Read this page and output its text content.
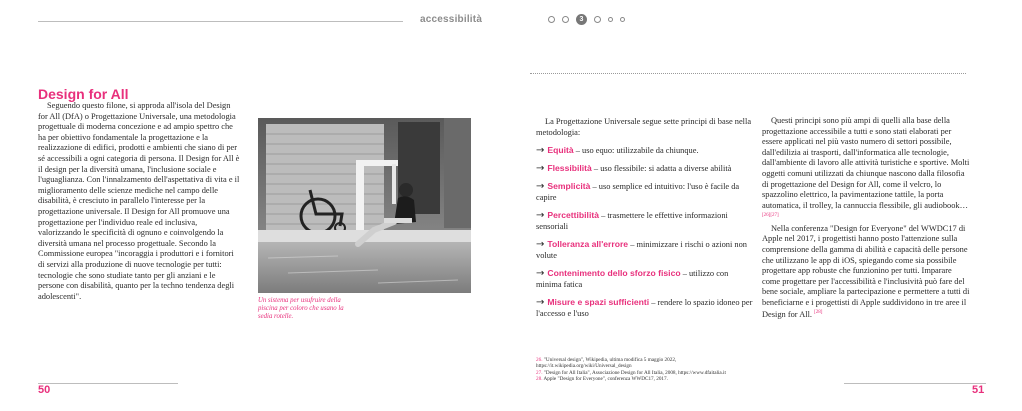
accessibilità	3
Design for All
Seguendo questo filone, si approda all'isola del Design for All (DfA) o Progettazione Universale, una metodologia progettuale di moderna concezione e ad ampio spettro che ha per obiettivo fondamentale la progettazione e la realizzazione di edifici, prodotti e ambienti che siano di per sé accessibili a ogni categoria di persona. Il Design for All è il design per la diversità umana, l'inclusione sociale e l'uguaglianza. Con l'innalzamento dell'aspettativa di vita e il miglioramento delle scienze mediche nel campo delle disabilità, è cresciuto in parallelo l'interesse per la progettazione universale. Il Design for All promuove una progettazione per l'individuo reale ed inclusiva, valorizzando le specificità di ognuno e coinvolgendo la diversità umana nel processo progettuale. Secondo la Commissione europea "incoraggia i produttori e i fornitori di servizi alla produzione di nuove tecnologie per tutti: tecnologie che sono studiate tanto per gli anziani e le persone con disabilità, quanto per la techno tendenza degli adolescenti".	Un sistema per usufruire della piscina per coloro che usano la sedia rotelle.
50

La Progettazione Universale segue sette principi di base nella metodologia:

→ Equità – uso equo: utilizzabile da chiunque.

→ Flessibilità – uso flessibile: si adatta a diverse abilità

→ Semplicità – uso semplice ed intuitivo: l'uso è facile da capire

→ Percettibilità – trasmettere le effettive informazioni sensoriali

→ Tolleranza all'errore – minimizzare i rischi o azioni non volute

→ Contenimento dello sforzo fisico – utilizzo con minima fatica

→ Misure e spazi sufficienti – rendere lo spazio idoneo per l'accesso e l'uso

Questi principi sono più ampi di quelli alla base della progettazione accessibile a tutti e sono stati elaborati per essere applicati nel più vasto numero di settori possibile, dall'edilizia ai trasporti, dall'informatica alle tecnologie, dall'ambiente di lavoro alle attività turistiche e sportive. Molti oggetti comuni utilizzati da chiunque nascono dalla filosofia di progettazione del Design for All, come il velcro, lo spazzolino elettrico, la pavimentazione tattile, la porta automatica, il trolley, la cannuccia flessibile, gli audiobook… [26][27]

Nella conferenza "Design for Everyone" del WWDC17 di Apple nel 2017, i progettisti hanno posto l'attenzione sulla comprensione della gamma di abilità e capacità delle persone che utilizzano le app di iOS, spiegando come sia possibile progettare app robuste che funzionino per tutti. Imparare come progettare per l'accessibilità e l'inclusività può fare del bene sociale, ampliare la partecipazione e permettere a tutti di beneficiarne e i progettisti di Apple suddividono in tre aree il Design for All. [28]

26. "Universal design", Wikipedia, ultima modifica 5 maggio 2022, https://it.wikipedia.org/wiki/Universal_design
27. "Design for All Italia", Associazione Design for All Italia, 2008, https://www.dfaitalia.it
28. Apple "Design for Everyone", conferenza WWDC17, 2017.
51
